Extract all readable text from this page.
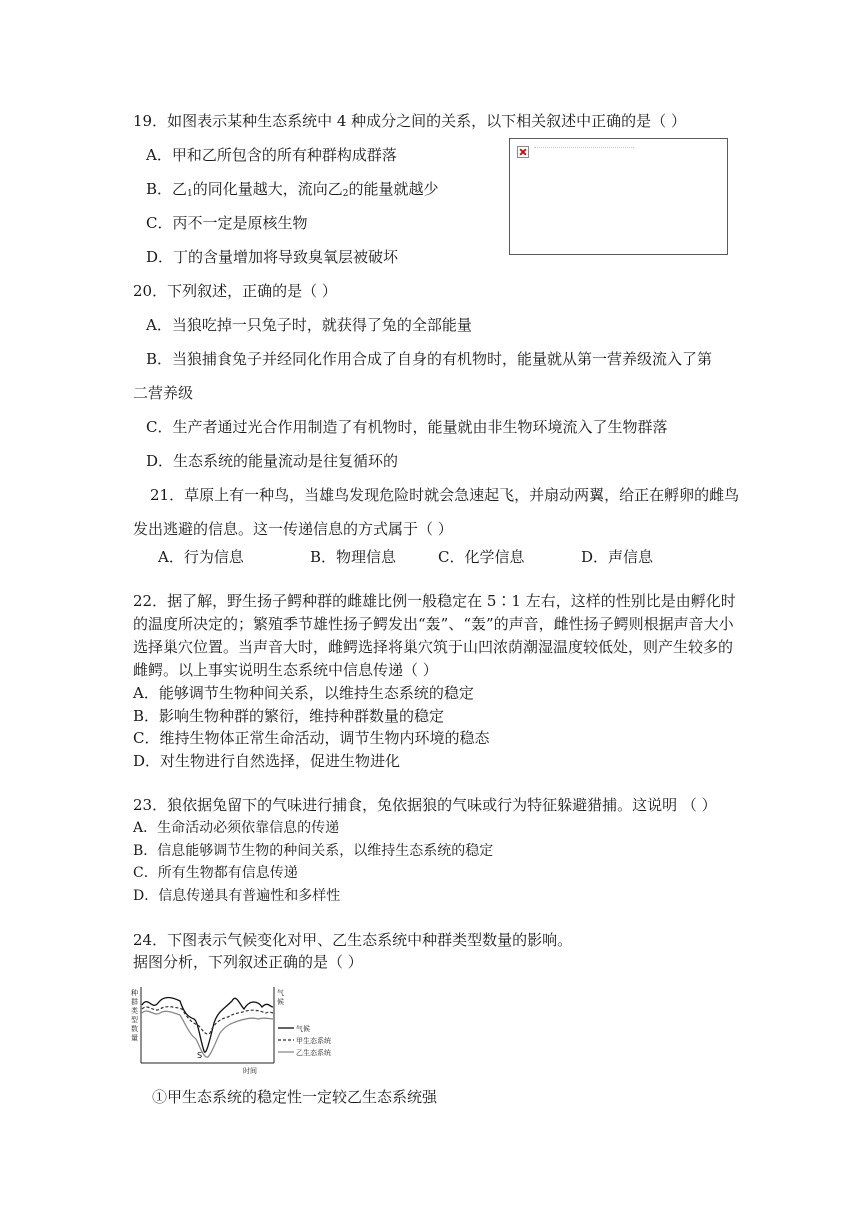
19．如图表示某种生态系统中 4 种成分之间的关系，以下相关叙述中正确的是（ ）
A．甲和乙所包含的所有种群构成群落
B．乙$_1$的同化量越大，流向乙$_2$的能量就越少
C．丙不一定是原核生物
D．丁的含量增加将导致臭氧层被破坏
20．下列叙述，正确的是（ ）
A．当狼吃掉一只兔子时，就获得了兔的全部能量
B．当狼捕食兔子并经同化作用合成了自身的有机物时，能量就从第一营养级流入了第
二营养级
C．生产者通过光合作用制造了有机物时，能量就由非生物环境流入了生物群落
D．生态系统的能量流动是往复循环的
21．草原上有一种鸟，当雄鸟发现危险时就会急速起飞，并扇动两翼，给正在孵卵的雌鸟
发出逃避的信息。这一传递信息的方式属于（ ）
A．行为信息	B．物理信息	C．化学信息	D．声信息
22．据了解，野生扬子鳄种群的雌雄比例一般稳定在 5∶1 左右，这样的性别比是由孵化时
的温度所决定的；繁殖季节雄性扬子鳄发出“轰”、“轰”的声音，雌性扬子鳄则根据声音大小
选择巢穴位置。当声音大时，雌鳄选择将巢穴筑于山凹浓荫潮湿温度较低处，则产生较多的
雌鳄。以上事实说明生态系统中信息传递（ ）
A．能够调节生物种间关系，以维持生态系统的稳定
B．影响生物种群的繁衍，维持种群数量的稳定
C．维持生物体正常生命活动，调节生物内环境的稳态
D．对生物进行自然选择，促进生物进化
23．狼依据兔留下的气味进行捕食，兔依据狼的气味或行为特征躲避猎捕。这说明 （ ）
A．生命活动必须依靠信息的传递
B．信息能够调节生物的种间关系，以维持生态系统的稳定
C．所有生物都有信息传递
D．信息传递具有普遍性和多样性
24．下图表示气候变化对甲、乙生态系统中种群类型数量的影响。
据图分析，下列叙述正确的是（ ）
种群类型数量
气候
时间
S
气候
甲生态系统
乙生态系统
①甲生态系统的稳定性一定较乙生态系统强
